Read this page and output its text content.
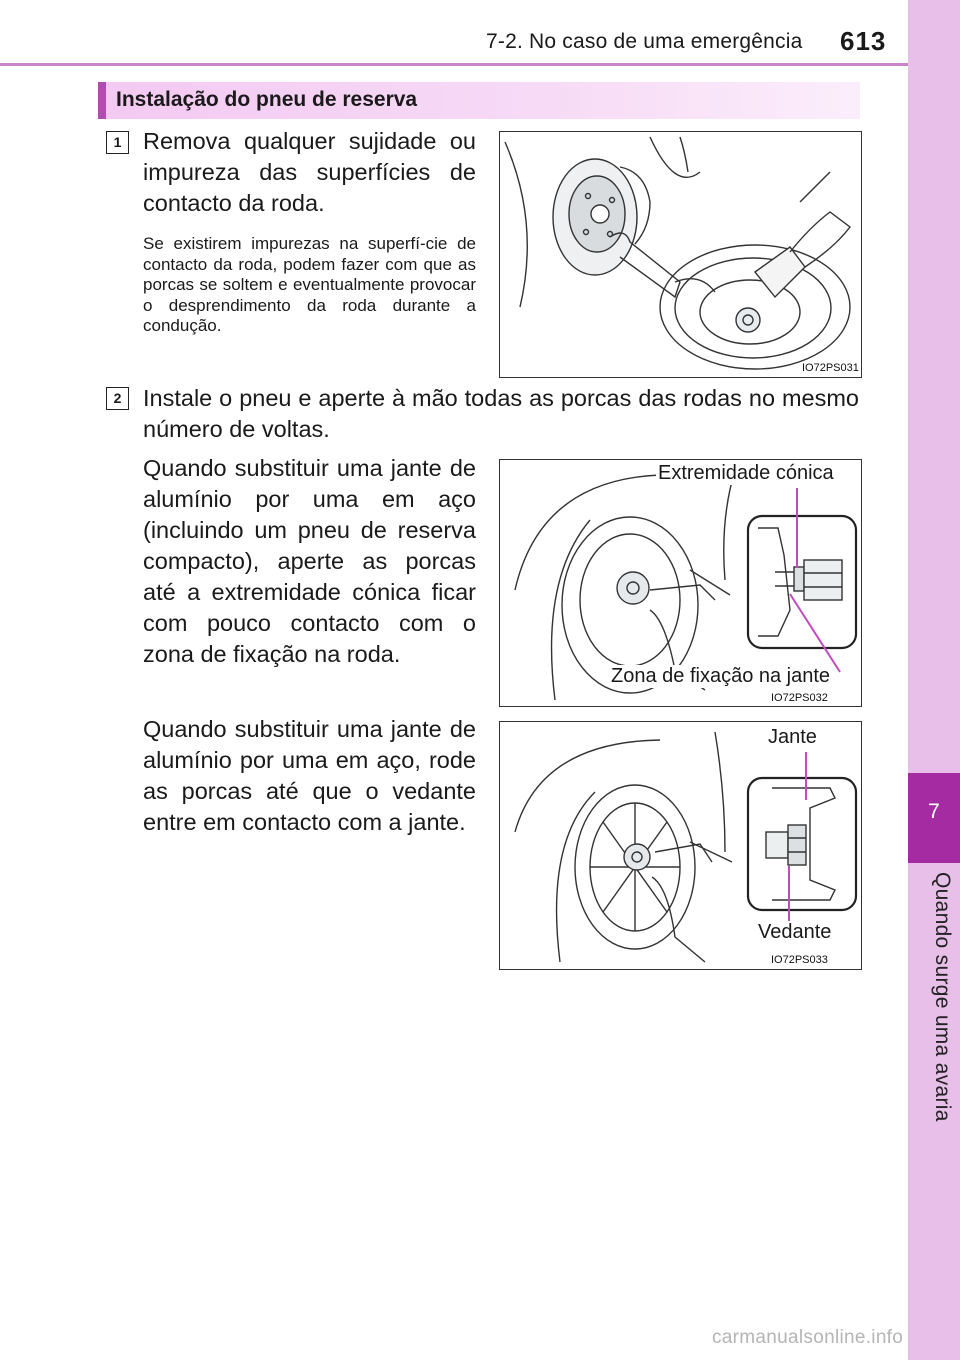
7-2. No caso de uma emergência 613
7
Quando surge uma avaria
Instalação do pneu de reserva
1 Remova qualquer sujidade ou impureza das superfícies de contacto da roda.
Se existirem impurezas na superfí-cie de contacto da roda, podem fazer com que as porcas se soltem e eventualmente provocar o desprendimento da roda durante a condução.
IO72PS031
2 Instale o pneu e aperte à mão todas as porcas das rodas no mesmo número de voltas.
Quando substituir uma jante de alumínio por uma em aço (incluindo um pneu de reserva compacto), aperte as porcas até a extremidade cónica ficar com pouco contacto com o zona de fixação na roda.
Quando substituir uma jante de alumínio por uma em aço, rode as porcas até que o vedante entre em contacto com a jante.
Extremidade cónica
Zona de fixação na jante
IO72PS032
Jante
Vedante
IO72PS033
carmanualsonline.info
